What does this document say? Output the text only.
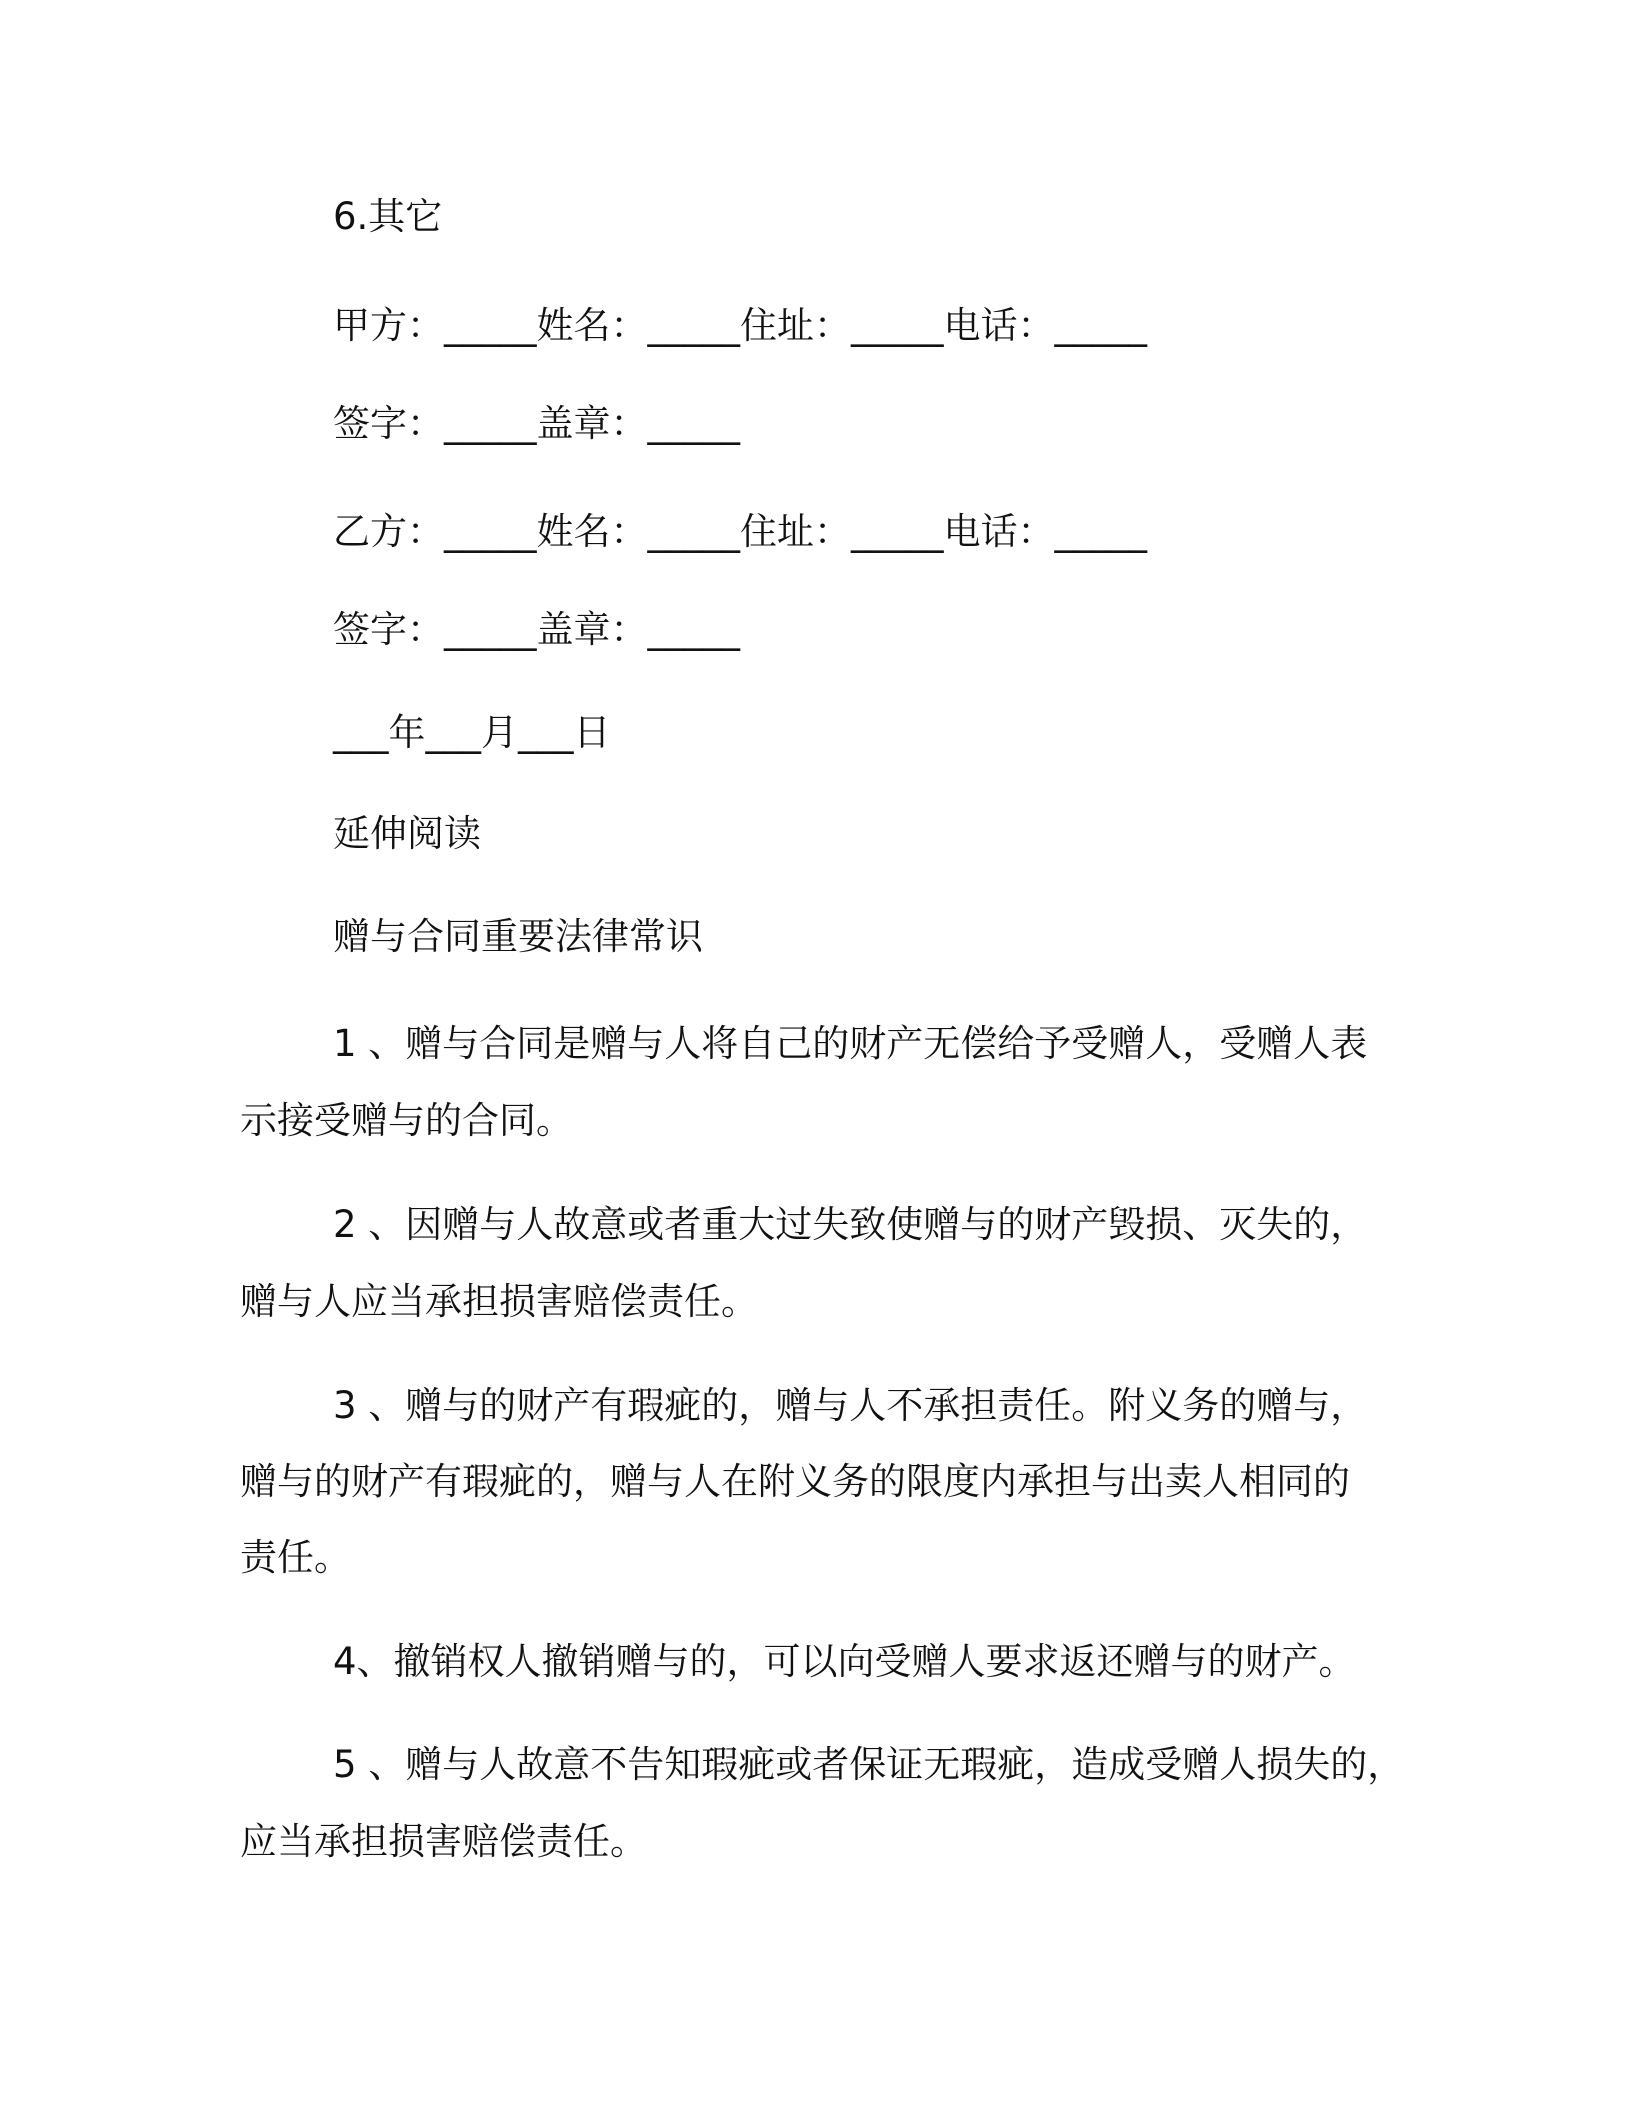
6.其它
甲方：_____姓名：_____住址：_____电话：_____
签字：_____盖章：_____
乙方：_____姓名：_____住址：_____电话：_____
签字：_____盖章：_____
___年___月___日
延伸阅读
赠与合同重要法律常识
1 、赠与合同是赠与人将自己的财产无偿给予受赠人，受赠人表
示接受赠与的合同。
2 、因赠与人故意或者重大过失致使赠与的财产毁损、灭失的，
赠与人应当承担损害赔偿责任。
3 、赠与的财产有瑕疵的，赠与人不承担责任。附义务的赠与，
赠与的财产有瑕疵的，赠与人在附义务的限度内承担与出卖人相同的
责任。
4、撤销权人撤销赠与的，可以向受赠人要求返还赠与的财产。
5 、赠与人故意不告知瑕疵或者保证无瑕疵，造成受赠人损失的，
应当承担损害赔偿责任。
